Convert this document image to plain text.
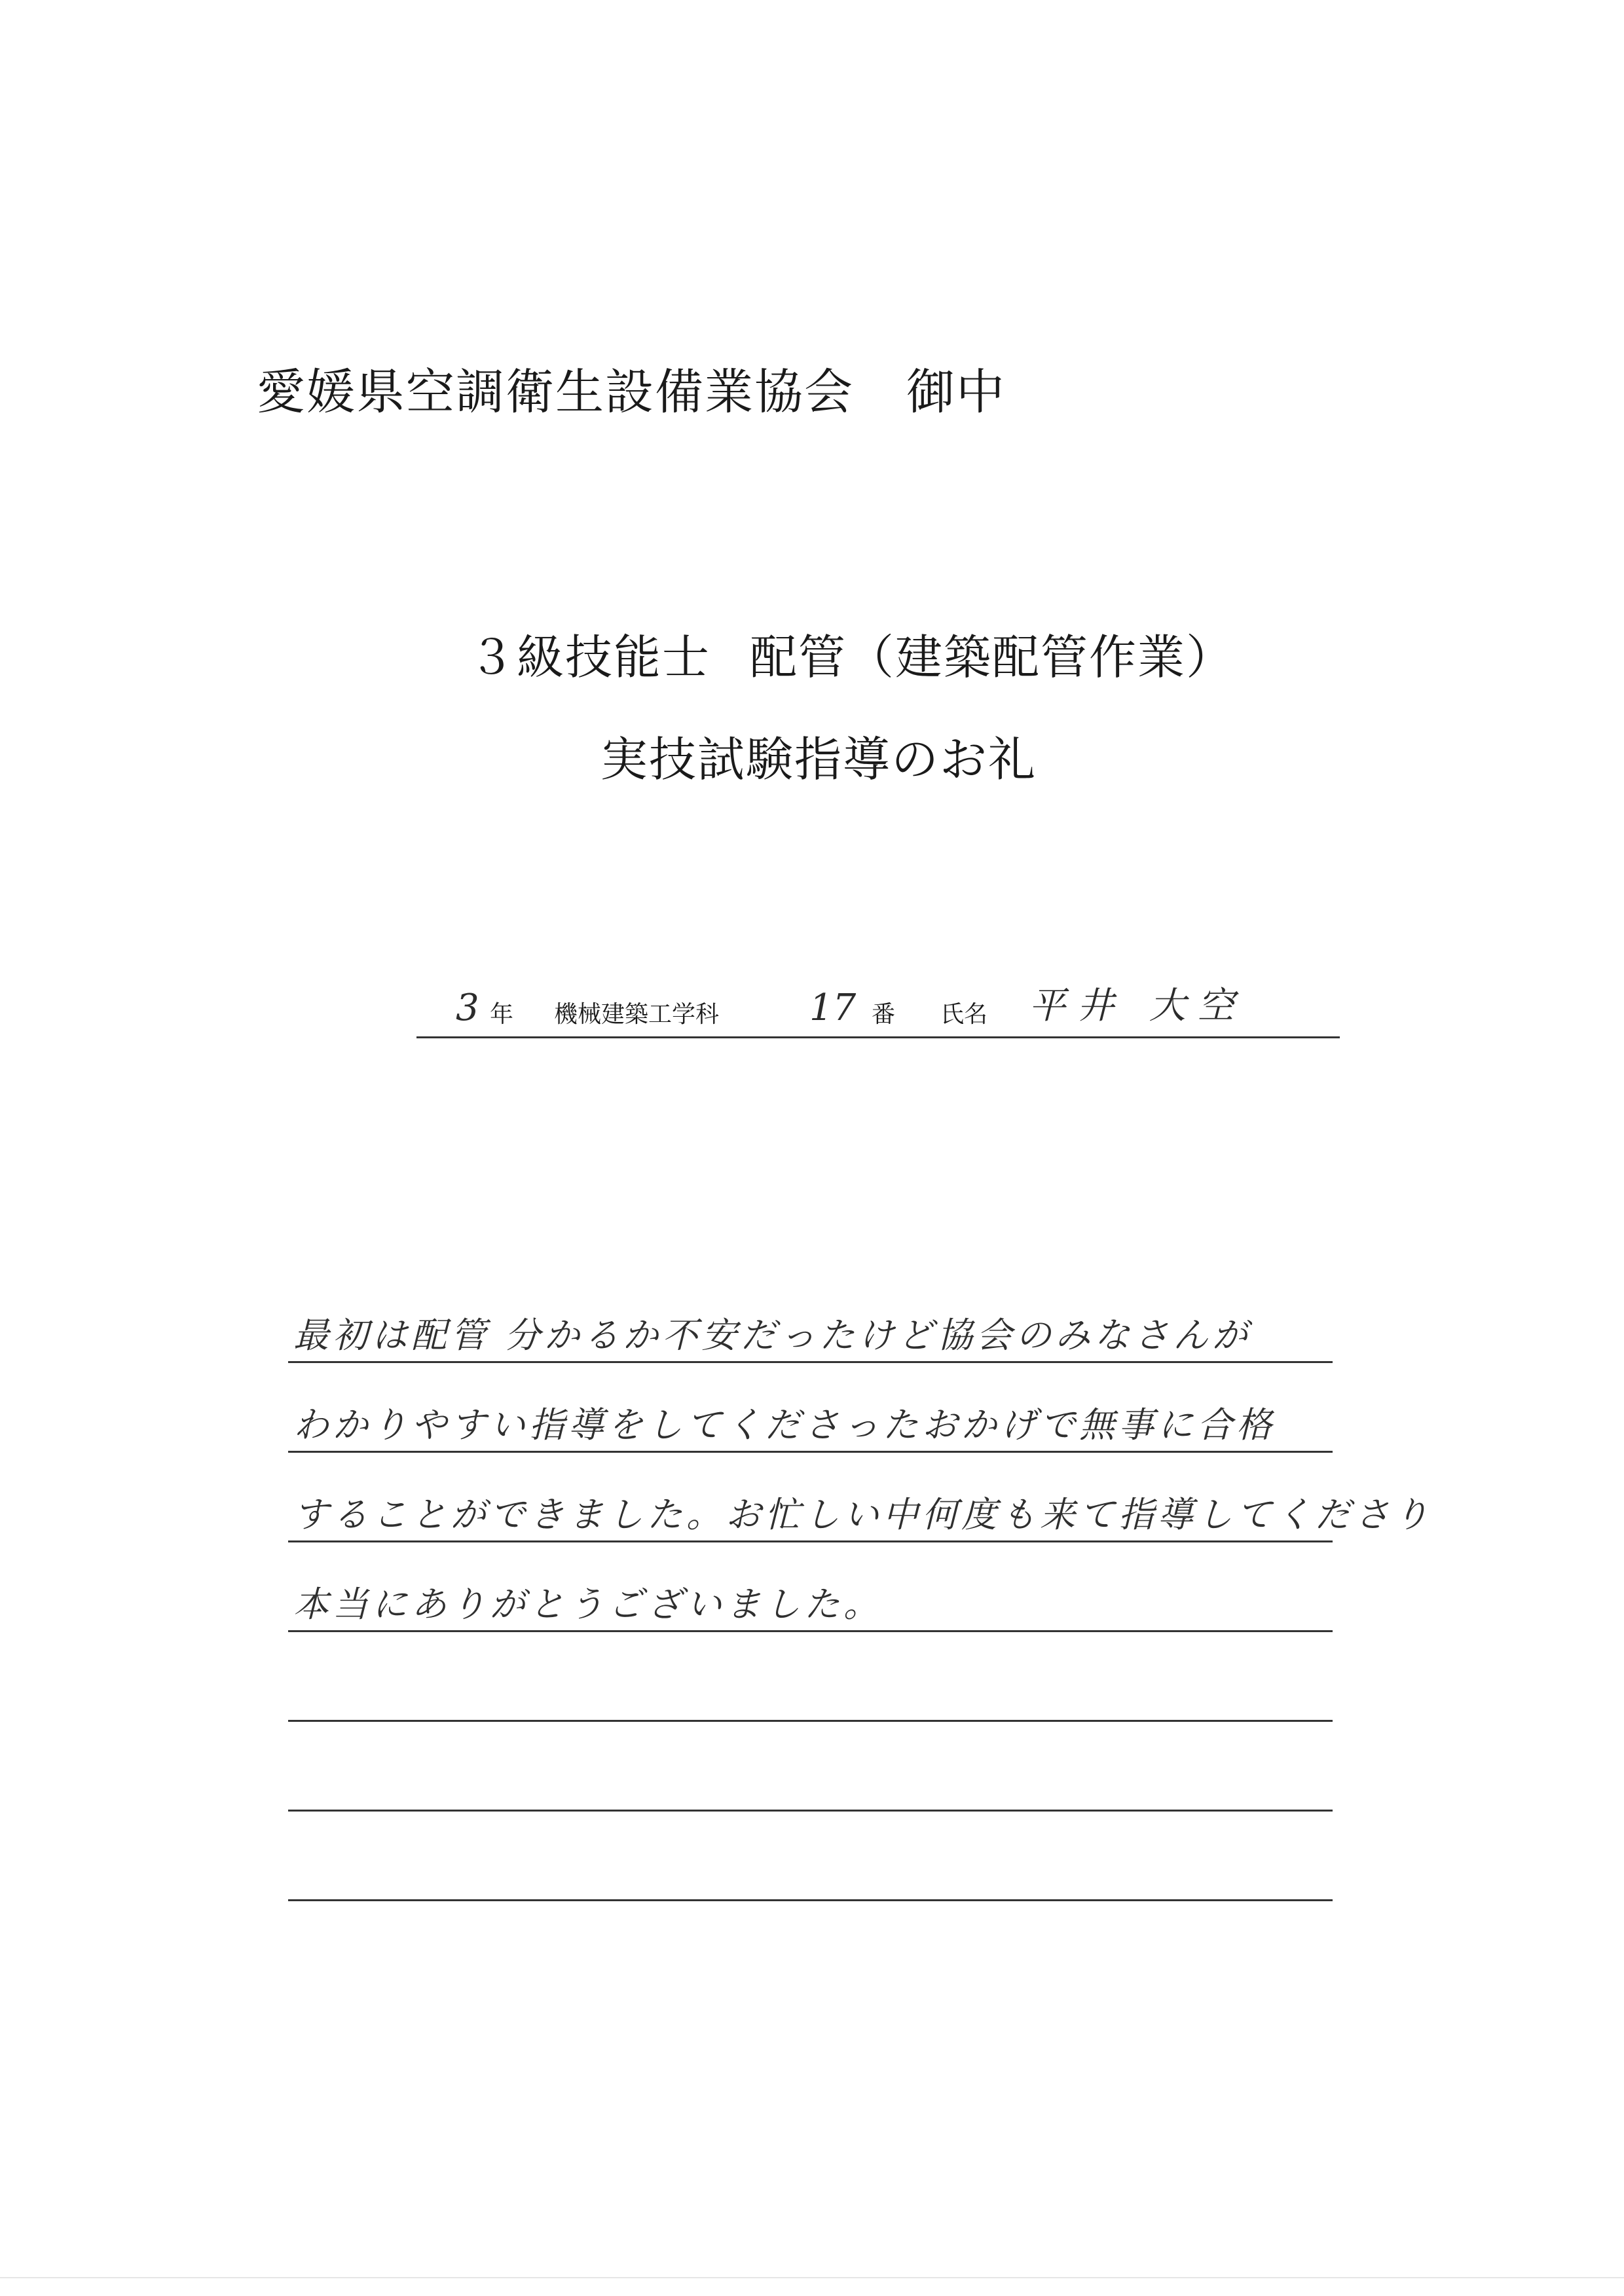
愛媛県空調衛生設備業協会 御中
３級技能士 配管（建築配管作業）
実技試験指導のお礼
3 年 機械建築工学科 17 番 氏名 平井 大空
最初は配管 分かるか不安だったけど協会のみなさんが
わかりやすい指導をしてくださったおかげで無事に合格
することができました。お忙しい中何度も来て指導してくださり
本当にありがとうございました。
